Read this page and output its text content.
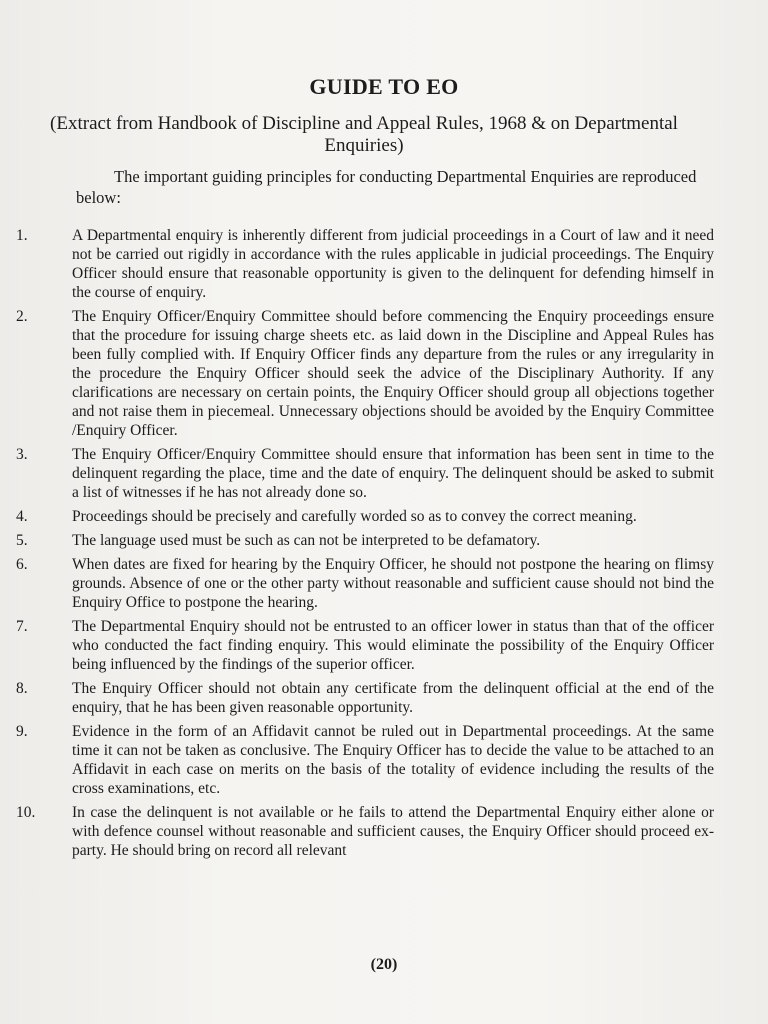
GUIDE TO EO
(Extract from Handbook of Discipline and Appeal Rules, 1968 & on Departmental Enquiries)
The important guiding principles for conducting Departmental Enquiries are reproduced below:
1.	A Departmental enquiry is inherently different from judicial proceedings in a Court of law and it need not be carried out rigidly in accordance with the rules applicable in judicial proceedings. The Enquiry Officer should ensure that reasonable opportunity is given to the delinquent for defending himself in the course of enquiry.
2.	The Enquiry Officer/Enquiry Committee should before commencing the Enquiry proceedings ensure that the procedure for issuing charge sheets etc. as laid down in the Discipline and Appeal Rules has been fully complied with. If Enquiry Officer finds any departure from the rules or any irregularity in the procedure the Enquiry Officer should seek the advice of the Disciplinary Authority. If any clarifications are necessary on certain points, the Enquiry Officer should group all objections together and not raise them in piecemeal. Unnecessary objections should be avoided by the Enquiry Committee /Enquiry Officer.
3.	The Enquiry Officer/Enquiry Committee should ensure that information has been sent in time to the delinquent regarding the place, time and the date of enquiry. The delinquent should be asked to submit a list of witnesses if he has not already done so.
4.	Proceedings should be precisely and carefully worded so as to convey the correct meaning.
5.	The language used must be such as can not be interpreted to be defamatory.
6.	When dates are fixed for hearing by the Enquiry Officer, he should not postpone the hearing on flimsy grounds. Absence of one or the other party without reasonable and sufficient cause should not bind the Enquiry Office to postpone the hearing.
7.	The Departmental Enquiry should not be entrusted to an officer lower in status than that of the officer who conducted the fact finding enquiry. This would eliminate the possibility of the Enquiry Officer being influenced by the findings of the superior officer.
8.	The Enquiry Officer should not obtain any certificate from the delinquent official at the end of the enquiry, that he has been given reasonable opportunity.
9.	Evidence in the form of an Affidavit cannot be ruled out in Departmental proceedings. At the same time it can not be taken as conclusive. The Enquiry Officer has to decide the value to be attached to an Affidavit in each case on merits on the basis of the totality of evidence including the results of the cross examinations, etc.
10.	In case the delinquent is not available or he fails to attend the Departmental Enquiry either alone or with defence counsel without reasonable and sufficient causes, the Enquiry Officer should proceed ex-party. He should bring on record all relevant
(20)
